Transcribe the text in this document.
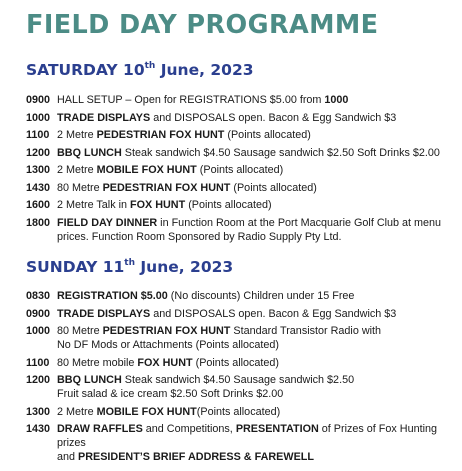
FIELD DAY PROGRAMME
SATURDAY 10th June, 2023
0900 HALL SETUP – Open for REGISTRATIONS $5.00 from 1000
1000 TRADE DISPLAYS and DISPOSALS open. Bacon & Egg Sandwich $3
1100 2 Metre PEDESTRIAN FOX HUNT (Points allocated)
1200 BBQ LUNCH Steak sandwich $4.50 Sausage sandwich $2.50 Soft Drinks $2.00
1300 2 Metre MOBILE FOX HUNT (Points allocated)
1430 80 Metre PEDESTRIAN FOX HUNT (Points allocated)
1600 2 Metre Talk in FOX HUNT (Points allocated)
1800 FIELD DAY DINNER in Function Room at the Port Macquarie Golf Club at menu
prices. Function Room Sponsored by Radio Supply Pty Ltd.
SUNDAY 11th June, 2023
0830 REGISTRATION $5.00 (No discounts) Children under 15 Free
0900 TRADE DISPLAYS and DISPOSALS open. Bacon & Egg Sandwich $3
1000 80 Metre PEDESTRIAN FOX HUNT Standard Transistor Radio with
No DF Mods or Attachments (Points allocated)
1100 80 Metre mobile FOX HUNT (Points allocated)
1200 BBQ LUNCH Steak sandwich $4.50 Sausage sandwich $2.50
Fruit salad & ice cream $2.50 Soft Drinks $2.00
1300 2 Metre MOBILE FOX HUNT(Points allocated)
1430 DRAW RAFFLES and Competitions, PRESENTATION of Prizes of Fox Hunting prizes
and PRESIDENT’S BRIEF ADDRESS & FAREWELL
